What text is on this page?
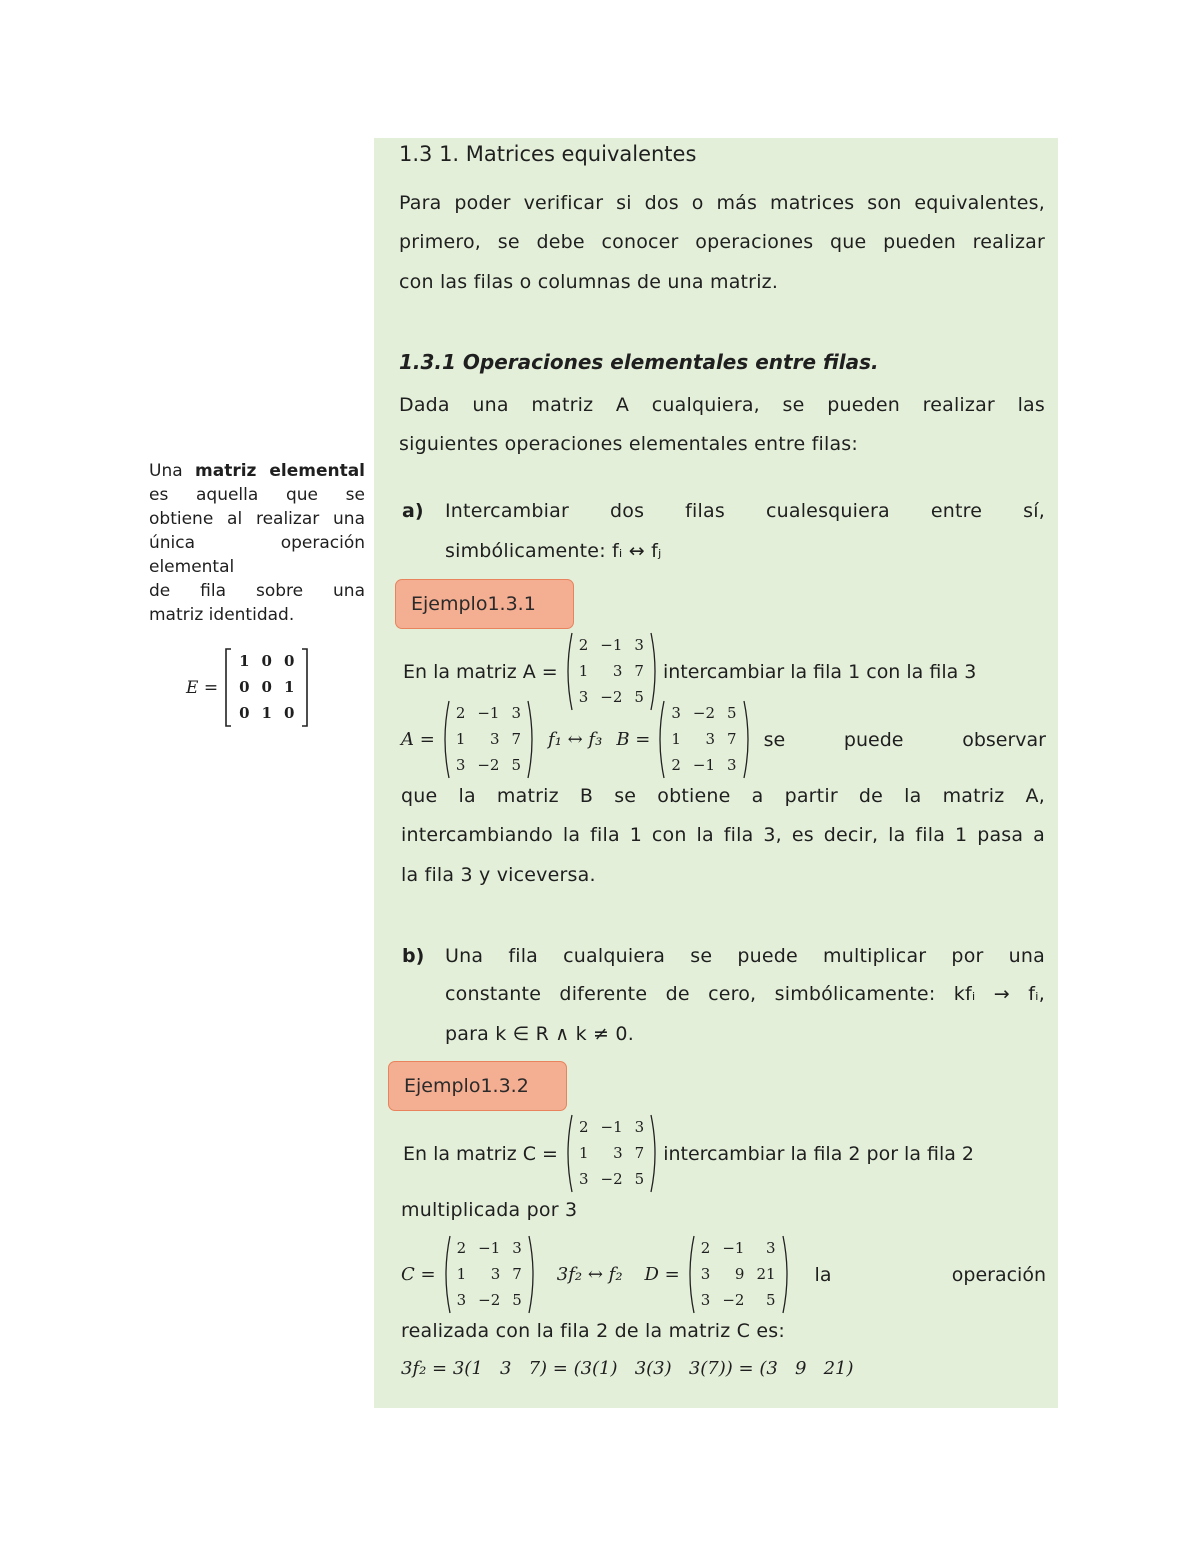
Una matriz elemental
es aquella que se
obtiene al realizar una
única operación
elemental
de fila sobre una
matriz identidad.
E =
1 0 0
0 0 1
0 1 0
1.3 1. Matrices equivalentes
Para poder verificar si dos o más matrices son equivalentes,
primero, se debe conocer operaciones que pueden realizar
con las filas o columnas de una matriz.
1.3.1 Operaciones elementales entre filas.
Dada una matriz A cualquiera, se pueden realizar las
siguientes operaciones elementales entre filas:
a) Intercambiar dos filas cualesquiera entre sí,
simbólicamente: fᵢ ↔ fⱼ
Ejemplo1.3.1
En la matriz A =
2 −1 3
1	3 7
3 −2 5
intercambiar la fila 1 con la fila 3
A =
2 −1 3
1	3 7
3 −2 5
f₁ ↔ f₃ B =
3 −2 5
1	3 7
2 −1 3
se puede observar
que la matriz B se obtiene a partir de la matriz A,
intercambiando la fila 1 con la fila 3, es decir, la fila 1 pasa a
la fila 3 y viceversa.
b) Una fila cualquiera se puede multiplicar por una
constante diferente de cero, simbólicamente: kfᵢ → fᵢ,
para k ∈ R ∧ k ≠ 0.
Ejemplo1.3.2
En la matriz C =
2 −1 3
1	3 7
3 −2 5
intercambiar la fila 2 por la fila 2
multiplicada por 3
C =
2 −1 3
1	3 7
3 −2 5
3f₂ ↔ f₂ D =
2 −1	3
3	9 21
3 −2	5
la operación
realizada con la fila 2 de la matriz C es:
3f₂ = 3(1   3   7) = (3(1)   3(3)   3(7)) = (3   9   21)
